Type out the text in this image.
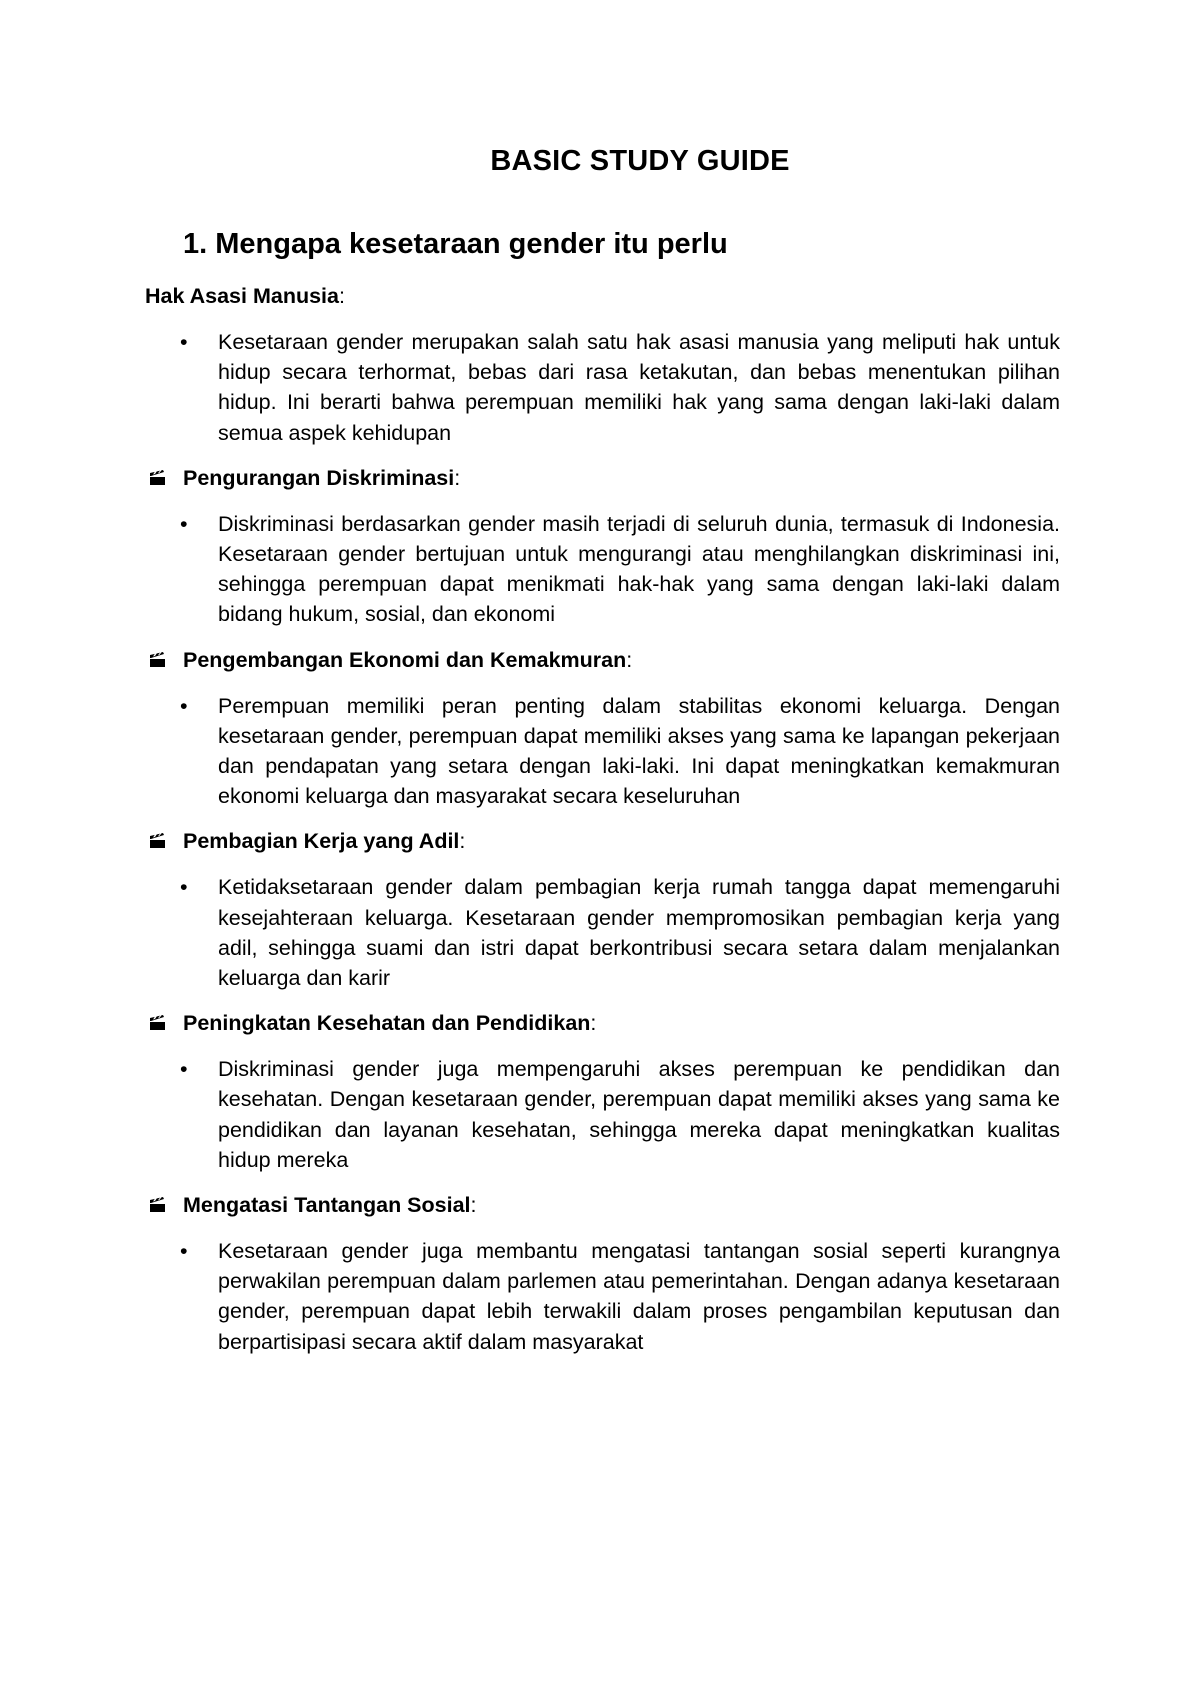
BASIC STUDY GUIDE
1. Mengapa kesetaraan gender itu perlu
Hak Asasi Manusia:
• Kesetaraan gender merupakan salah satu hak asasi manusia yang meliputi hak untuk hidup secara terhormat, bebas dari rasa ketakutan, dan bebas menentukan pilihan hidup. Ini berarti bahwa perempuan memiliki hak yang sama dengan laki-laki dalam semua aspek kehidupan
Pengurangan Diskriminasi:
• Diskriminasi berdasarkan gender masih terjadi di seluruh dunia, termasuk di Indonesia. Kesetaraan gender bertujuan untuk mengurangi atau menghilangkan diskriminasi ini, sehingga perempuan dapat menikmati hak-hak yang sama dengan laki-laki dalam bidang hukum, sosial, dan ekonomi
Pengembangan Ekonomi dan Kemakmuran:
• Perempuan memiliki peran penting dalam stabilitas ekonomi keluarga. Dengan kesetaraan gender, perempuan dapat memiliki akses yang sama ke lapangan pekerjaan dan pendapatan yang setara dengan laki-laki. Ini dapat meningkatkan kemakmuran ekonomi keluarga dan masyarakat secara keseluruhan
Pembagian Kerja yang Adil:
• Ketidaksetaraan gender dalam pembagian kerja rumah tangga dapat memengaruhi kesejahteraan keluarga. Kesetaraan gender mempromosikan pembagian kerja yang adil, sehingga suami dan istri dapat berkontribusi secara setara dalam menjalankan keluarga dan karir
Peningkatan Kesehatan dan Pendidikan:
• Diskriminasi gender juga mempengaruhi akses perempuan ke pendidikan dan kesehatan. Dengan kesetaraan gender, perempuan dapat memiliki akses yang sama ke pendidikan dan layanan kesehatan, sehingga mereka dapat meningkatkan kualitas hidup mereka
Mengatasi Tantangan Sosial:
• Kesetaraan gender juga membantu mengatasi tantangan sosial seperti kurangnya perwakilan perempuan dalam parlemen atau pemerintahan. Dengan adanya kesetaraan gender, perempuan dapat lebih terwakili dalam proses pengambilan keputusan dan berpartisipasi secara aktif dalam masyarakat
